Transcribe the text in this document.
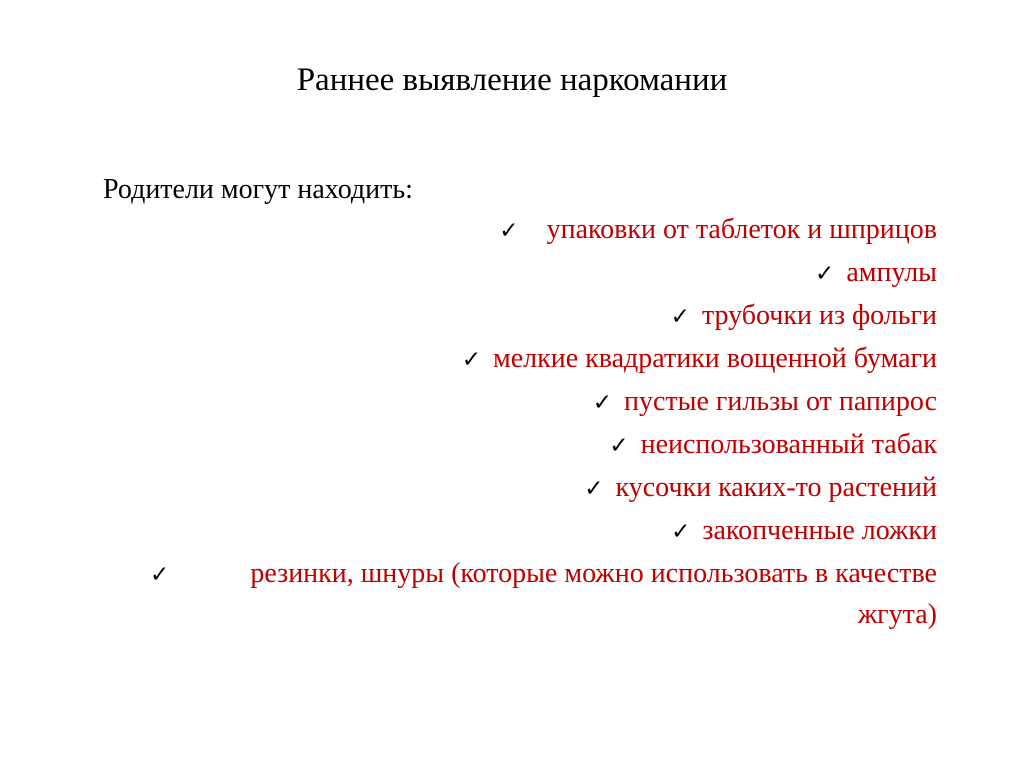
Раннее выявление наркомании

Родители могут находить:

✓ упаковки от таблеток и шприцов
✓ ампулы
✓ трубочки из фольги
✓ мелкие квадратики вощенной бумаги
✓ пустые гильзы от папирос
✓ неиспользованный табак
✓ кусочки каких-то растений
✓ закопченные ложки
✓	резинки, шнуры (которые можно использовать в качестве жгута)
